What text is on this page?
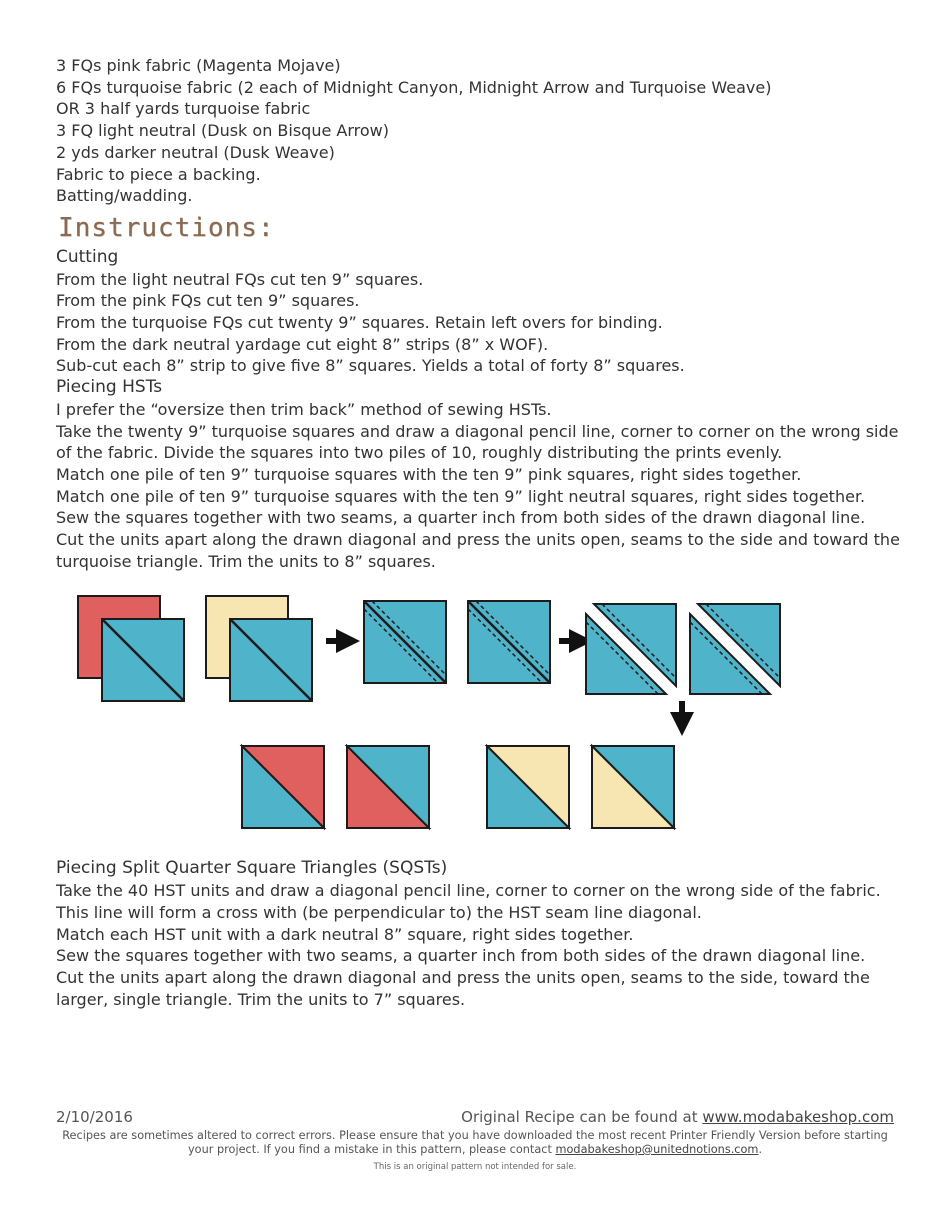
3 FQs pink fabric (Magenta Mojave)
6 FQs turquoise fabric (2 each of Midnight Canyon, Midnight Arrow and Turquoise Weave)
OR 3 half yards turquoise fabric
3 FQ light neutral (Dusk on Bisque Arrow)
2 yds darker neutral (Dusk Weave)
Fabric to piece a backing.
Batting/wadding.
Instructions:
Cutting
From the light neutral FQs cut ten 9” squares.
From the pink FQs cut ten 9” squares.
From the turquoise FQs cut twenty 9” squares. Retain left overs for binding.
From the dark neutral yardage cut eight 8” strips (8” x WOF).
Sub-cut each 8” strip to give five 8” squares. Yields a total of forty 8” squares.
Piecing HSTs
I prefer the “oversize then trim back” method of sewing HSTs.
Take the twenty 9” turquoise squares and draw a diagonal pencil line, corner to corner on the wrong side of the fabric. Divide the squares into two piles of 10, roughly distributing the prints evenly.
Match one pile of ten 9” turquoise squares with the ten 9” pink squares, right sides together.
Match one pile of ten 9” turquoise squares with the ten 9” light neutral squares, right sides together.
Sew the squares together with two seams, a quarter inch from both sides of the drawn diagonal line.
Cut the units apart along the drawn diagonal and press the units open, seams to the side and toward the turquoise triangle. Trim the units to 8” squares.
Piecing Split Quarter Square Triangles (SQSTs)
Take the 40 HST units and draw a diagonal pencil line, corner to corner on the wrong side of the fabric. This line will form a cross with (be perpendicular to) the HST seam line diagonal.
Match each HST unit with a dark neutral 8” square, right sides together.
Sew the squares together with two seams, a quarter inch from both sides of the drawn diagonal line.
Cut the units apart along the drawn diagonal and press the units open, seams to the side, toward the larger, single triangle. Trim the units to 7” squares.
2/10/2016	Original Recipe can be found at www.modabakeshop.com
Recipes are sometimes altered to correct errors. Please ensure that you have downloaded the most recent Printer Friendly Version before starting your project. If you find a mistake in this pattern, please contact modabakeshop@unitednotions.com.
This is an original pattern not intended for sale.
